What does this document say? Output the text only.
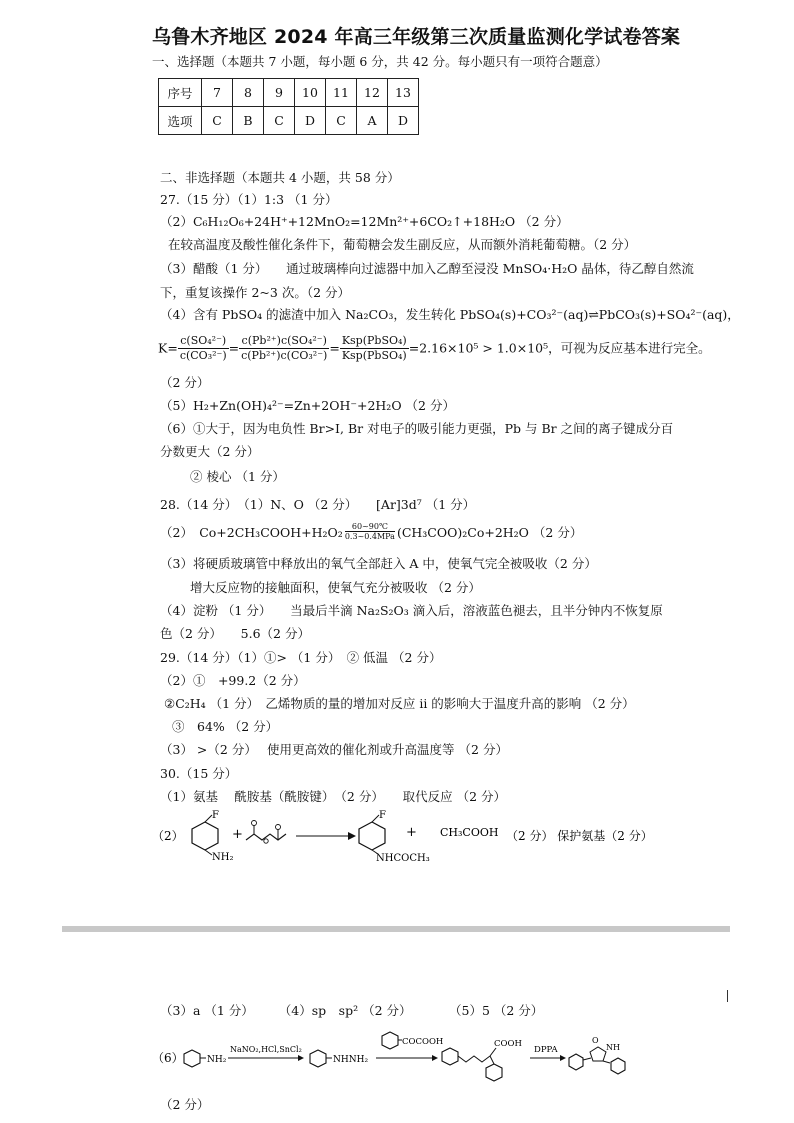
乌鲁木齐地区 2024 年高三年级第三次质量监测化学试卷答案
一、选择题（本题共 7 小题，每小题 6 分，共 42 分。每小题只有一项符合题意）
序号	7	8	9	10	11	12	13
选项	C	B	C	D	C	A	D
二、非选择题（本题共 4 小题，共 58 分）
27.（15 分）（1）1:3 （1 分）
（2）C₆H₁₂O₆+24H⁺+12MnO₂=12Mn²⁺+6CO₂↑+18H₂O （2 分）
在较高温度及酸性催化条件下，葡萄糖会发生副反应，从而额外消耗葡萄糖。（2 分）
（3）醋酸（1 分）　　通过玻璃棒向过滤器中加入乙醇至浸没 MnSO₄·H₂O 晶体，待乙醇自然流
下，重复该操作 2~3 次。（2 分）
（4）含有 PbSO₄ 的滤渣中加入 Na₂CO₃，发生转化 PbSO₄(s)+CO₃²⁻(aq)⇌PbCO₃(s)+SO₄²⁻(aq)，
$K= \frac{\text{c(SO₄²⁻)}}{\text{c(CO₃²⁻)}} = \frac{\text{c(Pb²⁺)c(SO₄²⁻)}}{\text{c(Pb²⁺)c(CO₃²⁻)}} = \frac{\text{Ksp(PbSO₄)}}{\text{Ksp(PbSO₄)}} =2.16\times 10^5 > 1.0\times 10^5$，可视为反应基本进行完全。
（2 分）
（5）H₂+Zn(OH)₄²⁻=Zn+2OH⁻+2H₂O （2 分）
（6）①大于，因为电负性 Br>I, Br 对电子的吸引能力更强，Pb 与 Br 之间的离子键成分百
分数更大（2 分）
② 棱心 （1 分）
28.（14 分）　（1）N、O （2 分）　　[Ar]3d⁷ （1 分）
（2）　Co+2CH₃COOH+H₂O₂	60~90℃
0.3~0.4MPa (CH₃COO)₂Co+2H₂O （2 分）
（3）将硬质玻璃管中释放出的氧气全部赶入 A 中，使氧气完全被吸收（2 分）
增大反应物的接触面积，使氧气充分被吸收 （2 分）
（4）淀粉 （1 分）　　当最后半滴 Na₂S₂O₃ 滴入后，溶液蓝色褪去，且半分钟内不恢复原
色（2 分）　　5.6（2 分）
29.（14 分）（1）①> （1 分）　② 低温 （2 分）
（2）①　+99.2（2 分）
②C₂H₄ （1 分）　乙烯物质的量的增加对反应 ii 的影响大于温度升高的影响 （2 分）
③　64% （2 分）
（3） >（2 分）　 使用更高效的催化剂或升高温度等 （2 分）
30.（15 分）
（1）氨基　 酰胺基（酰胺键）　（2 分）　　取代反应 （2 分）
（2）
F
NH₂
+
F
NHCOCH₃
+ CH₃COOH （2 分） 保护氨基（2 分）
（3）a （1 分）　　　（4）sp　sp² （2 分）　　　　（5）5 （2 分）
（6）	NH₂
NaNO₂,HCl,SnCl₂
NHNH₂
COCOOH	COOH
DPPA
O
NH
（2 分）
